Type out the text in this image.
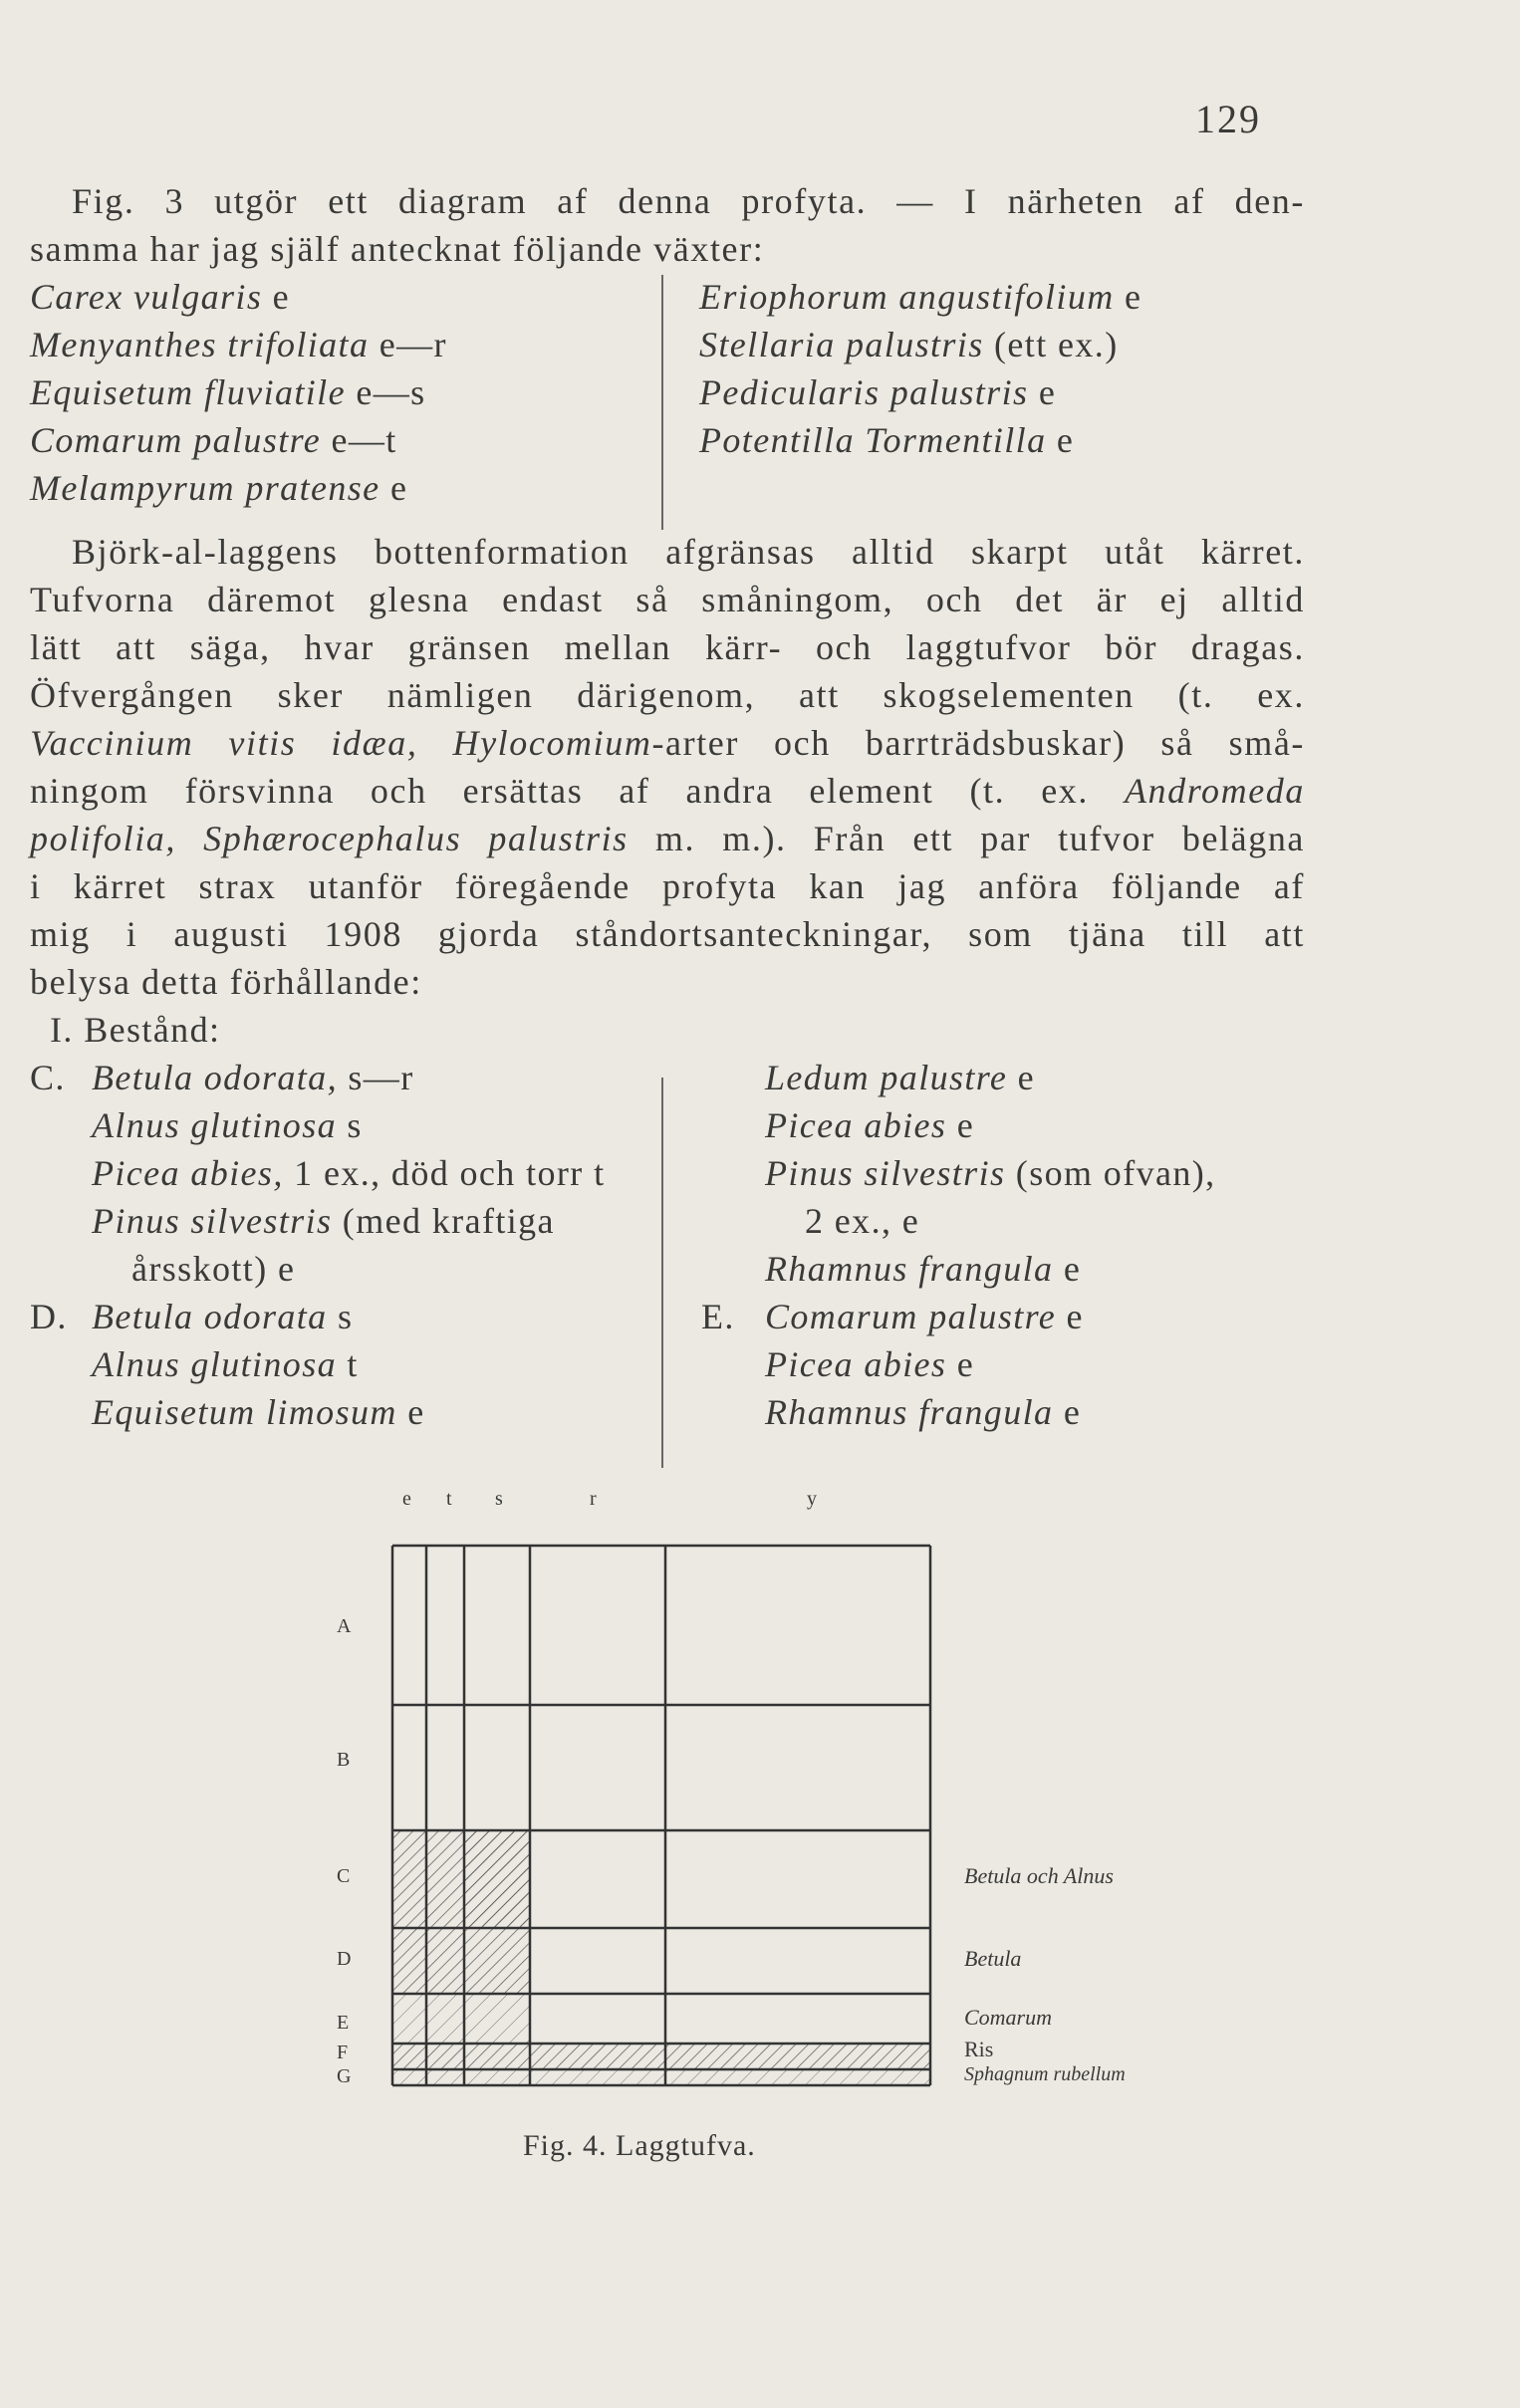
129
Fig. 3 utgör ett diagram af denna profyta. — I närheten af den-
samma har jag själf antecknat följande växter:
Carex vulgaris e
Menyanthes trifoliata e—r
Equisetum fluviatile e—s
Comarum palustre e—t
Melampyrum pratense e
Eriophorum angustifolium e
Stellaria palustris (ett ex.)
Pedicularis palustris e
Potentilla Tormentilla e
Björk-al-laggens bottenformation afgränsas alltid skarpt utåt kärret.
Tufvorna däremot glesna endast så småningom, och det är ej alltid
lätt att säga, hvar gränsen mellan kärr- och laggtufvor bör dragas.
Öfvergången sker nämligen därigenom, att skogselementen (t. ex.
Vaccinium vitis idæa, Hylocomium-arter och barrträdsbuskar) så små-
ningom försvinna och ersättas af andra element (t. ex. Andromeda
polifolia, Sphærocephalus palustris m. m.). Från ett par tufvor belägna
i kärret strax utanför föregående profyta kan jag anföra följande af
mig i augusti 1908 gjorda ståndortsanteckningar, som tjäna till att
belysa detta förhållande:
I. Bestånd:
C. Betula odorata, s—r
Alnus glutinosa s
Picea abies, 1 ex., död och torr t
Pinus silvestris (med kraftiga
årsskott) e
D. Betula odorata s
Alnus glutinosa t
Equisetum limosum e
Ledum palustre e
Picea abies e
Pinus silvestris (som ofvan),
2 ex., e
Rhamnus frangula e
E. Comarum palustre e
Picea abies e
Rhamnus frangula e
e t s	r	y
A
B
C
D
E
F
G
Betula och Alnus
Betula
Comarum
Ris
Sphagnum rubellum
Fig. 4. Laggtufva.
